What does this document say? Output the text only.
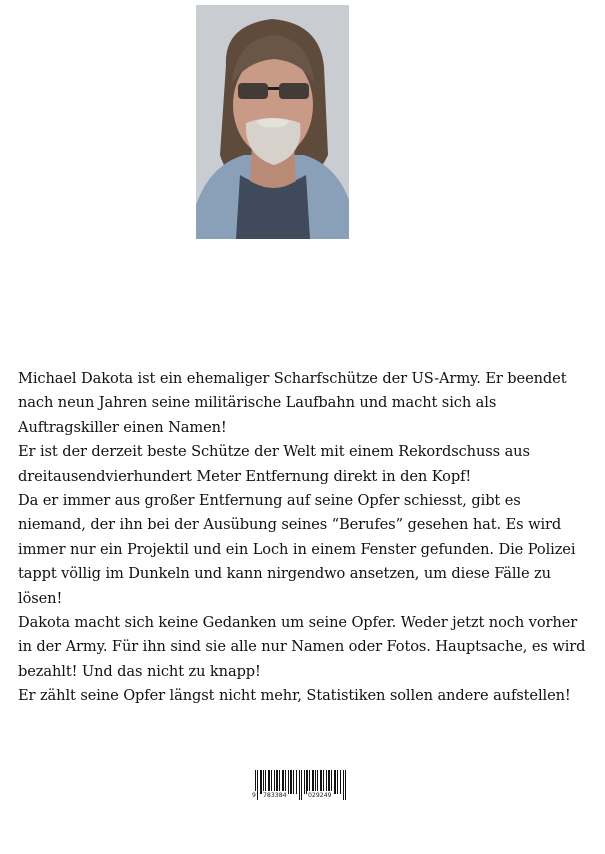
Michael Dakota ist ein ehemaliger Scharfschütze der US-Army. Er beendet nach neun Jahren seine militärische Laufbahn und macht sich als Auftragskiller einen Namen!

Er ist der derzeit beste Schütze der Welt mit einem Rekordschuss aus dreitausendvierhundert Meter Entfernung direkt in den Kopf!

Da er immer aus großer Entfernung auf seine Opfer schiesst, gibt es niemand, der ihn bei der Ausübung seines “Berufes” gesehen hat. Es wird immer nur ein Projektil und ein Loch in einem Fenster gefunden. Die Polizei tappt völlig im Dunkeln und kann nirgendwo ansetzen, um diese Fälle zu lösen!

Dakota macht sich keine Gedanken um seine Opfer. Weder jetzt noch vorher in der Army. Für ihn sind sie alle nur Namen oder Fotos. Hauptsache, es wird bezahlt! Und das nicht zu knapp!

Er zählt seine Opfer längst nicht mehr, Statistiken sollen andere aufstellen!

9 783384	029249
